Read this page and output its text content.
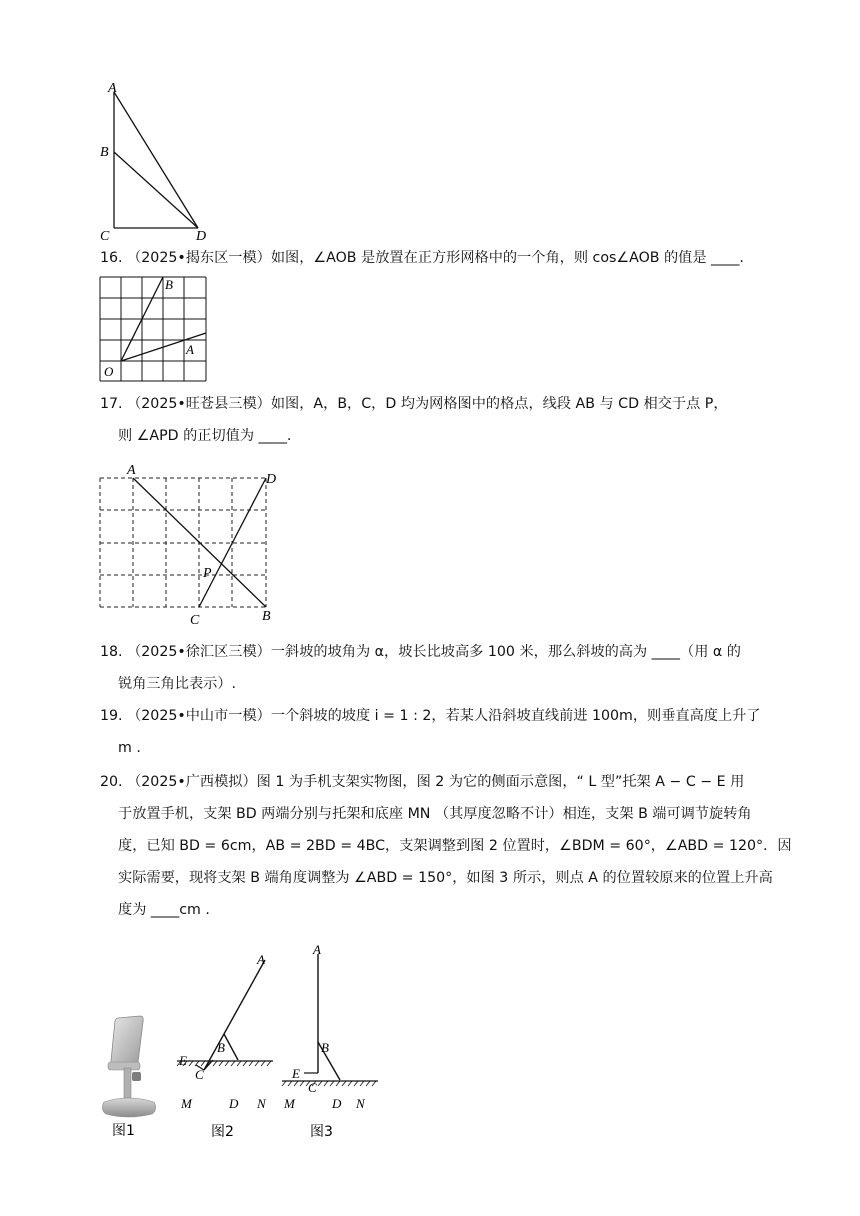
A
B
C	D
16. （2025•揭东区一模）如图，∠AOB 是放置在正方形网格中的一个角，则 cos∠AOB 的值是 ____.
B
A
O
17. （2025•旺苍县三模）如图，A，B，C，D 均为网格图中的格点，线段 AB 与 CD 相交于点 P，
则 ∠APD 的正切值为 ____.
A
D
P
C	B
18. （2025•徐汇区三模）一斜坡的坡角为 α，坡长比坡高多 100 米，那么斜坡的高为 ____（用 α 的
锐角三角比表示）.
19. （2025•中山市一模）一个斜坡的坡度 i = 1 : 2，若某人沿斜坡直线前进 100m，则垂直高度上升了
m .
20. （2025•广西模拟）图 1 为手机支架实物图，图 2 为它的侧面示意图，“ L 型”托架 A − C − E 用
于放置手机，支架 BD 两端分别与托架和底座 MN （其厚度忽略不计）相连，支架 B 端可调节旋转角
度，已知 BD = 6cm，AB = 2BD = 4BC，支架调整到图 2 位置时，∠BDM = 60°，∠ABD = 120°．因
实际需要，现将支架 B 端角度调整为 ∠ABD = 150°，如图 3 所示，则点 A 的位置较原来的位置上升高
度为 ____cm .
图1
A
B
E
C
M	D N
图2
A
B
E
C
M	D N
图3
